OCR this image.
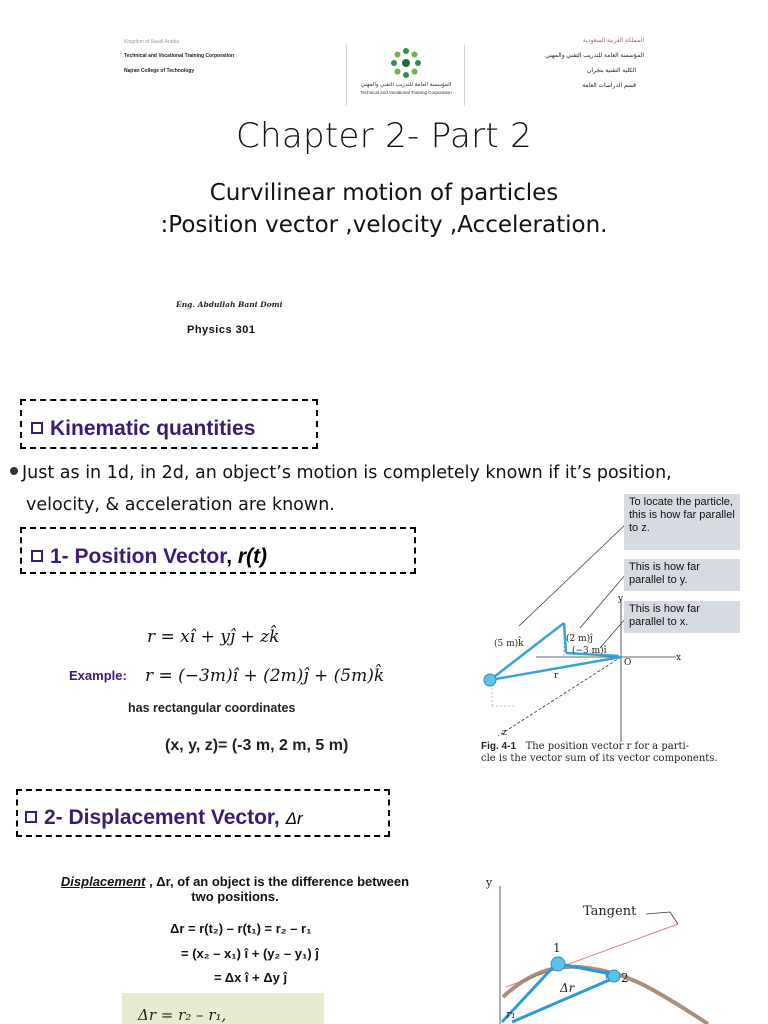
Kingdom of Saudi Arabia
Technical and Vocational Training Corporation
Najran College of Technology
المؤسسة العامة للتدريب التقني والمهني
Technical and Vocational Training Corporation
المملكة العربية السعودية
المؤسسة العامة للتدريب التقني والمهني
الكلية التقنية بنجران
قسم الدراسات العامة
Chapter 2- Part 2
Curvilinear motion of particles
:Position vector ,velocity ,Acceleration.
Eng. Abdullah Bani Domi
Physics 301
Kinematic quantities
Just as in 1d, in 2d, an object’s motion is completely known if it’s position,
velocity, & acceleration are known.
1- Position Vector, r(t)
r = xî + yĵ + zk̂
Example: r = (−3m)î + (2m)ĵ + (5m)k̂
has rectangular coordinates
(x, y, z)= (-3 m, 2 m, 5 m)
(5 m)k̂	(2 m)ĵ
(−3 m)î
r
O	x
y
z
To locate the particle, this is how far parallel to z.
This is how far parallel to y.
This is how far parallel to x.
Fig. 4-1 The position vector r for a parti-
cle is the vector sum of its vector components.
2- Displacement Vector, Δr
Displacement , Δr, of an object is the difference between
two positions.
Δr = r(t₂) – r(t₁) = r₂ – r₁
= (x₂ – x₁) î + (y₂ – y₁) ĵ
= Δx î + Δy ĵ
Δr = r₂ – r₁,
y
Tangent
1
2
Δr
r₁
